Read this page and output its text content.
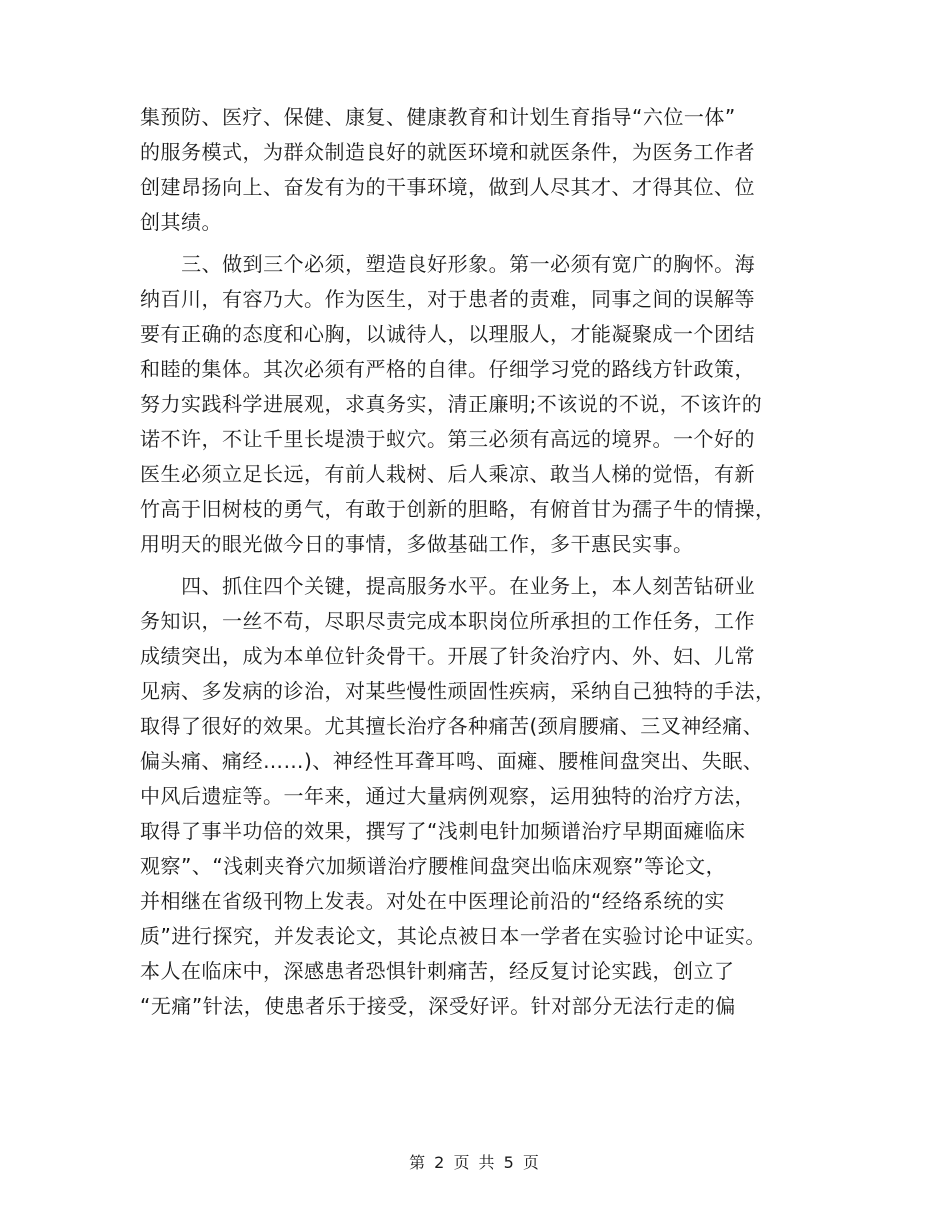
集预防、医疗、保健、康复、健康教育和计划生育指导“六位一体”
的服务模式，为群众制造良好的就医环境和就医条件，为医务工作者
创建昂扬向上、奋发有为的干事环境，做到人尽其才、才得其位、位
创其绩。
三、做到三个必须，塑造良好形象。第一必须有宽广的胸怀。海
纳百川，有容乃大。作为医生，对于患者的责难，同事之间的误解等
要有正确的态度和心胸，以诚待人，以理服人，才能凝聚成一个团结
和睦的集体。其次必须有严格的自律。仔细学习党的路线方针政策，
努力实践科学进展观，求真务实，清正廉明;不该说的不说，不该许的
诺不许，不让千里长堤溃于蚁穴。第三必须有高远的境界。一个好的
医生必须立足长远，有前人栽树、后人乘凉、敢当人梯的觉悟，有新
竹高于旧树枝的勇气，有敢于创新的胆略，有俯首甘为孺子牛的情操，
用明天的眼光做今日的事情，多做基础工作，多干惠民实事。
四、抓住四个关键，提高服务水平。在业务上，本人刻苦钻研业
务知识，一丝不苟，尽职尽责完成本职岗位所承担的工作任务，工作
成绩突出，成为本单位针灸骨干。开展了针灸治疗内、外、妇、儿常
见病、多发病的诊治，对某些慢性顽固性疾病，采纳自己独特的手法，
取得了很好的效果。尤其擅长治疗各种痛苦(颈肩腰痛、三叉神经痛、
偏头痛、痛经……)、神经性耳聋耳鸣、面瘫、腰椎间盘突出、失眠、
中风后遗症等。一年来，通过大量病例观察，运用独特的治疗方法，
取得了事半功倍的效果，撰写了“浅刺电针加频谱治疗早期面瘫临床
观察”、“浅刺夹脊穴加频谱治疗腰椎间盘突出临床观察”等论文，
并相继在省级刊物上发表。对处在中医理论前沿的“经络系统的实
质”进行探究，并发表论文，其论点被日本一学者在实验讨论中证实。
本人在临床中，深感患者恐惧针刺痛苦，经反复讨论实践，创立了
“无痛”针法，使患者乐于接受，深受好评。针对部分无法行走的偏
第 2 页 共 5 页
